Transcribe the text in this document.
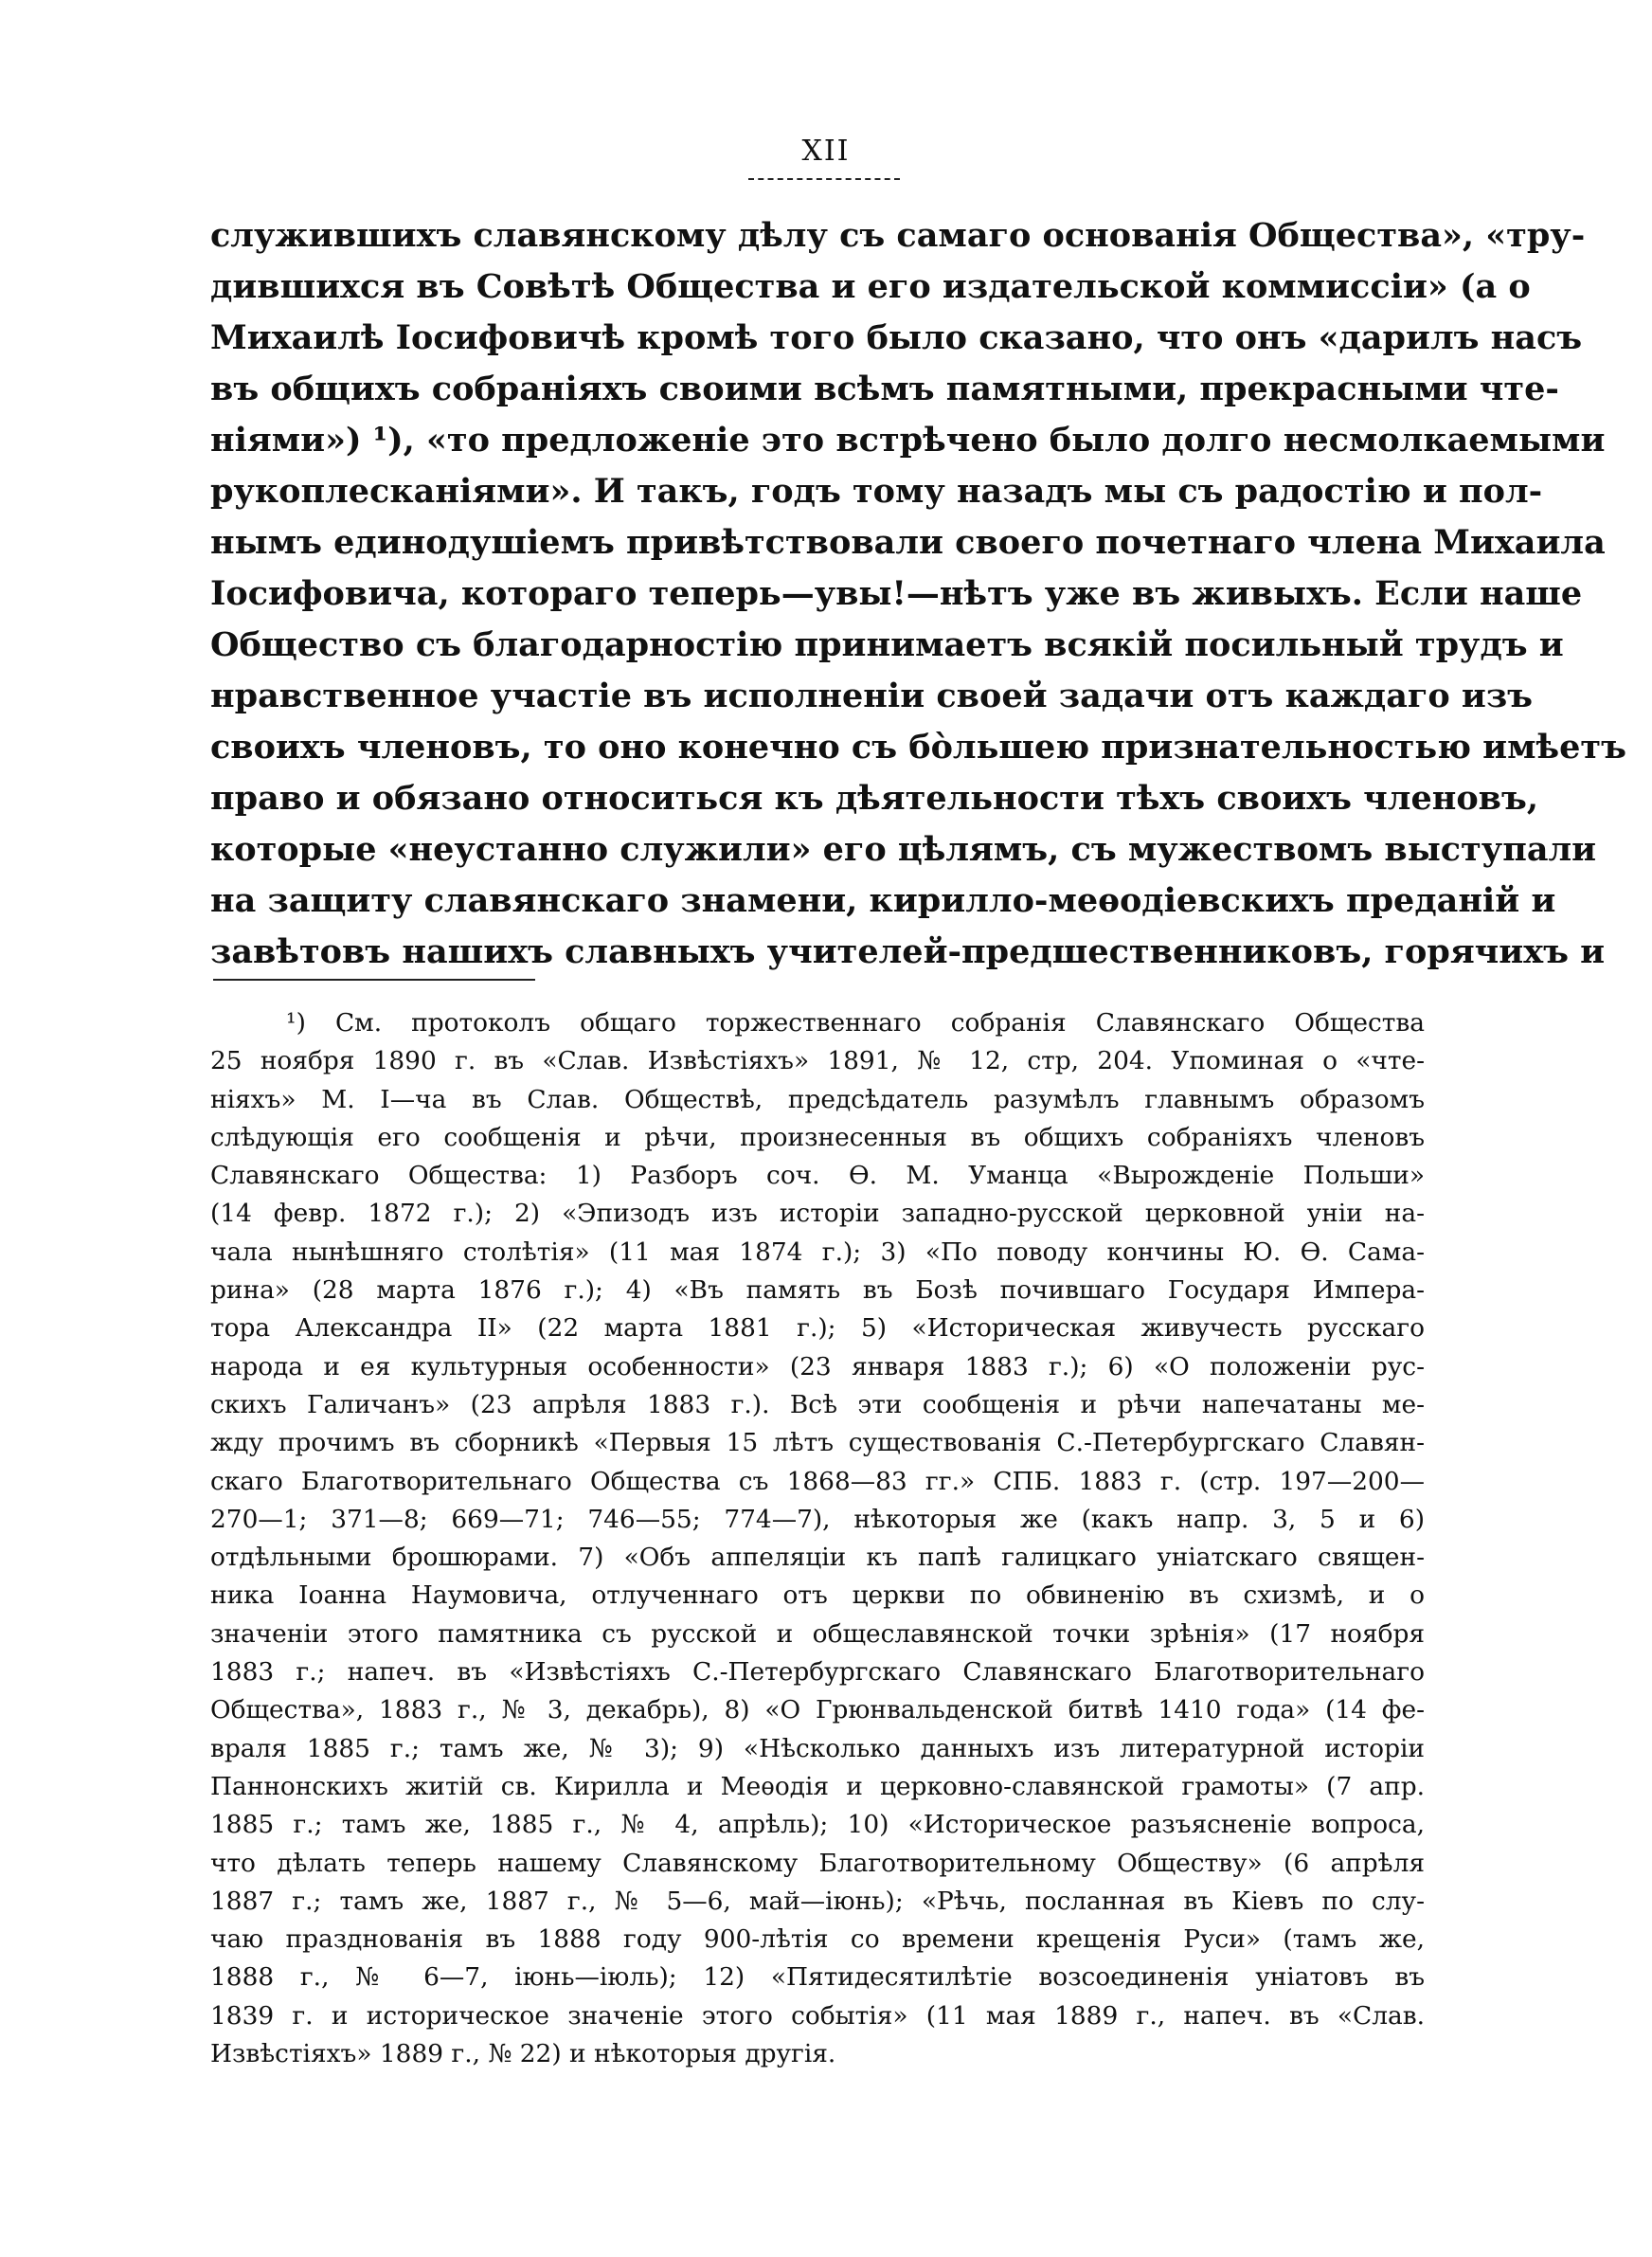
XII
служившихъ славянскому дѣлу съ самаго основанія Общества», «тру-
дившихся въ Совѣтѣ Общества и его издательской коммиссіи» (а о
Михаилѣ Іосифовичѣ кромѣ того было сказано, что онъ «дарилъ насъ
въ общихъ собраніяхъ своими всѣмъ памятными, прекрасными чте-
ніями») ¹), «то предложеніе это встрѣчено было долго несмолкаемыми
рукоплесканіями». И такъ, годъ тому назадъ мы съ радостію и пол-
нымъ единодушіемъ привѣтствовали своего почетнаго члена Михаила
Іосифовича, котораго теперь—увы!—нѣтъ уже въ живыхъ. Если наше
Общество съ благодарностію принимаетъ всякій посильный трудъ и
нравственное участіе въ исполненіи своей задачи отъ каждаго изъ
своихъ членовъ, то оно конечно съ бо̀льшею признательностью имѣетъ
право и обязано относиться къ дѣятельности тѣхъ своихъ членовъ,
которые «неустанно служили» его цѣлямъ, съ мужествомъ выступали
на защиту славянскаго знамени, кирилло-меѳодіевскихъ преданій и
завѣтовъ нашихъ славныхъ учителей-предшественниковъ, горячихъ и
¹) См. протоколъ общаго торжественнаго собранія Славянскаго Общества
25 ноября 1890 г. въ «Слав. Извѣстіяхъ» 1891, № 12, стр, 204. Упоминая о «чте-
ніяхъ» М. I—ча въ Слав. Обществѣ, предсѣдатель разумѣлъ главнымъ образомъ
слѣдующія его сообщенія и рѣчи, произнесенныя въ общихъ собраніяхъ членовъ
Славянскаго Общества: 1) Разборъ соч. Ѳ. М. Уманца «Вырожденіе Польши»
(14 февр. 1872 г.); 2) «Эпизодъ изъ исторіи западно-русской церковной уніи на-
чала нынѣшняго столѣтія» (11 мая 1874 г.); 3) «По поводу кончины Ю. Ѳ. Сама-
рина» (28 марта 1876 г.); 4) «Въ память въ Бозѣ почившаго Государя Импера-
тора Александра II» (22 марта 1881 г.); 5) «Историческая живучесть русскаго
народа и ея культурныя особенности» (23 января 1883 г.); 6) «О положеніи рус-
скихъ Галичанъ» (23 апрѣля 1883 г.). Всѣ эти сообщенія и рѣчи напечатаны ме-
жду прочимъ въ сборникѣ «Первыя 15 лѣтъ существованія С.-Петербургскаго Славян-
скаго Благотворительнаго Общества съ 1868—83 гг.» СПБ. 1883 г. (стр. 197—200—
270—1; 371—8; 669—71; 746—55; 774—7), нѣкоторыя же (какъ напр. 3, 5 и 6)
отдѣльными брошюрами. 7) «Объ аппеляціи къ папѣ галицкаго уніатскаго священ-
ника Іоанна Наумовича, отлученнаго отъ церкви по обвиненію въ схизмѣ, и о
значеніи этого памятника съ русской и общеславянской точки зрѣнія» (17 ноября
1883 г.; напеч. въ «Извѣстіяхъ С.-Петербургскаго Славянскаго Благотворительнаго
Общества», 1883 г., № 3, декабрь), 8) «О Грюнвальденской битвѣ 1410 года» (14 фе-
враля 1885 г.; тамъ же, № 3); 9) «Нѣсколько данныхъ изъ литературной исторіи
Паннонскихъ житій св. Кирилла и Меѳодія и церковно-славянской грамоты» (7 апр.
1885 г.; тамъ же, 1885 г., № 4, апрѣль); 10) «Историческое разъясненіе вопроса,
что дѣлать теперь нашему Славянскому Благотворительному Обществу» (6 апрѣля
1887 г.; тамъ же, 1887 г., № 5—6, май—іюнь); «Рѣчь, посланная въ Кіевъ по слу-
чаю празднованія въ 1888 году 900-лѣтія со времени крещенія Руси» (тамъ же,
1888 г., № 6—7, іюнь—іюль); 12) «Пятидесятилѣтіе возсоединенія уніатовъ въ
1839 г. и историческое значеніе этого событія» (11 мая 1889 г., напеч. въ «Слав.
Извѣстіяхъ» 1889 г., № 22) и нѣкоторыя другія.
